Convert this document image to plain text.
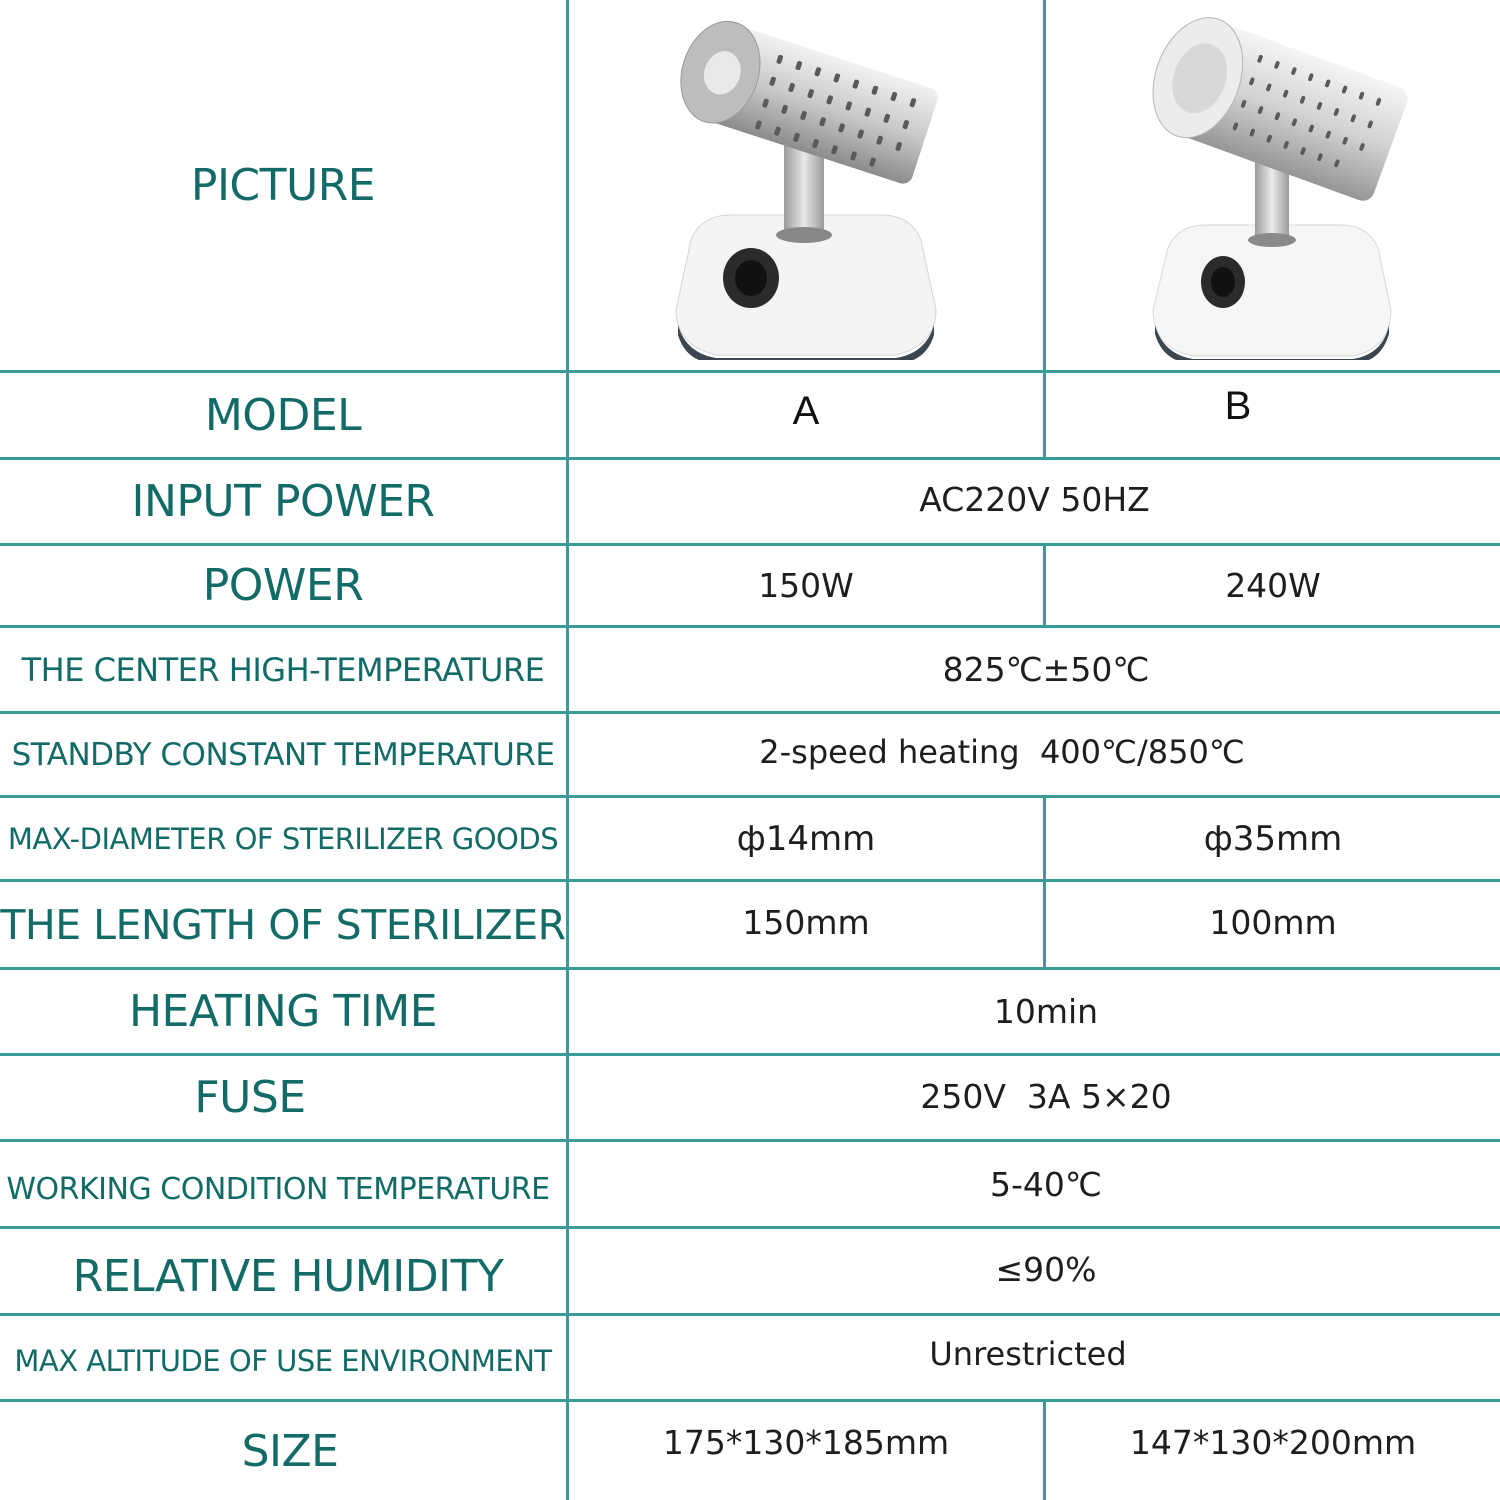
PICTURE
MODEL	A	B
INPUT POWER	AC220V 50HZ
POWER	150W	240W
THE CENTER HIGH-TEMPERATURE	825℃±50℃
STANDBY CONSTANT TEMPERATURE	2-speed heating  400℃/850℃
MAX-DIAMETER OF STERILIZER GOODS	ф14mm	ф35mm
THE LENGTH OF STERILIZER	150mm	100mm
HEATING TIME	10min
FUSE	250V  3A 5×20
WORKING CONDITION TEMPERATURE	5-40℃
RELATIVE HUMIDITY	≤90%
MAX ALTITUDE OF USE ENVIRONMENT	Unrestricted
SIZE	175*130*185mm	147*130*200mm
